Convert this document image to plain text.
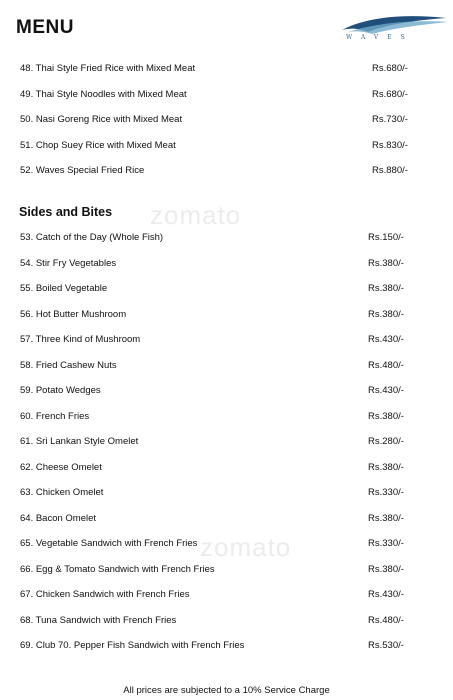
MENU	WAVES
zomato
zomato
48. Thai Style Fried Rice with Mixed Meat	Rs.680/-
49. Thai Style Noodles with Mixed Meat	Rs.680/-
50. Nasi Goreng Rice with Mixed Meat	Rs.730/-
51. Chop Suey Rice with Mixed Meat	Rs.830/-
52. Waves Special Fried Rice	Rs.880/-
Sides and Bites
53. Catch of the Day (Whole Fish)	Rs.150/-
54. Stir Fry Vegetables	Rs.380/-
55. Boiled Vegetable	Rs.380/-
56. Hot Butter Mushroom	Rs.380/-
57. Three Kind of Mushroom	Rs.430/-
58. Fried Cashew Nuts	Rs.480/-
59. Potato Wedges	Rs.430/-
60. French Fries	Rs.380/-
61. Sri Lankan Style Omelet	Rs.280/-
62. Cheese Omelet	Rs.380/-
63. Chicken Omelet	Rs.330/-
64. Bacon Omelet	Rs.380/-
65. Vegetable Sandwich with French Fries	Rs.330/-
66. Egg & Tomato Sandwich with French Fries	Rs.380/-
67. Chicken Sandwich with French Fries	Rs.430/-
68. Tuna Sandwich with French Fries	Rs.480/-
69. Club 70. Pepper Fish Sandwich with French Fries	Rs.530/-
All prices are subjected to a 10% Service Charge
